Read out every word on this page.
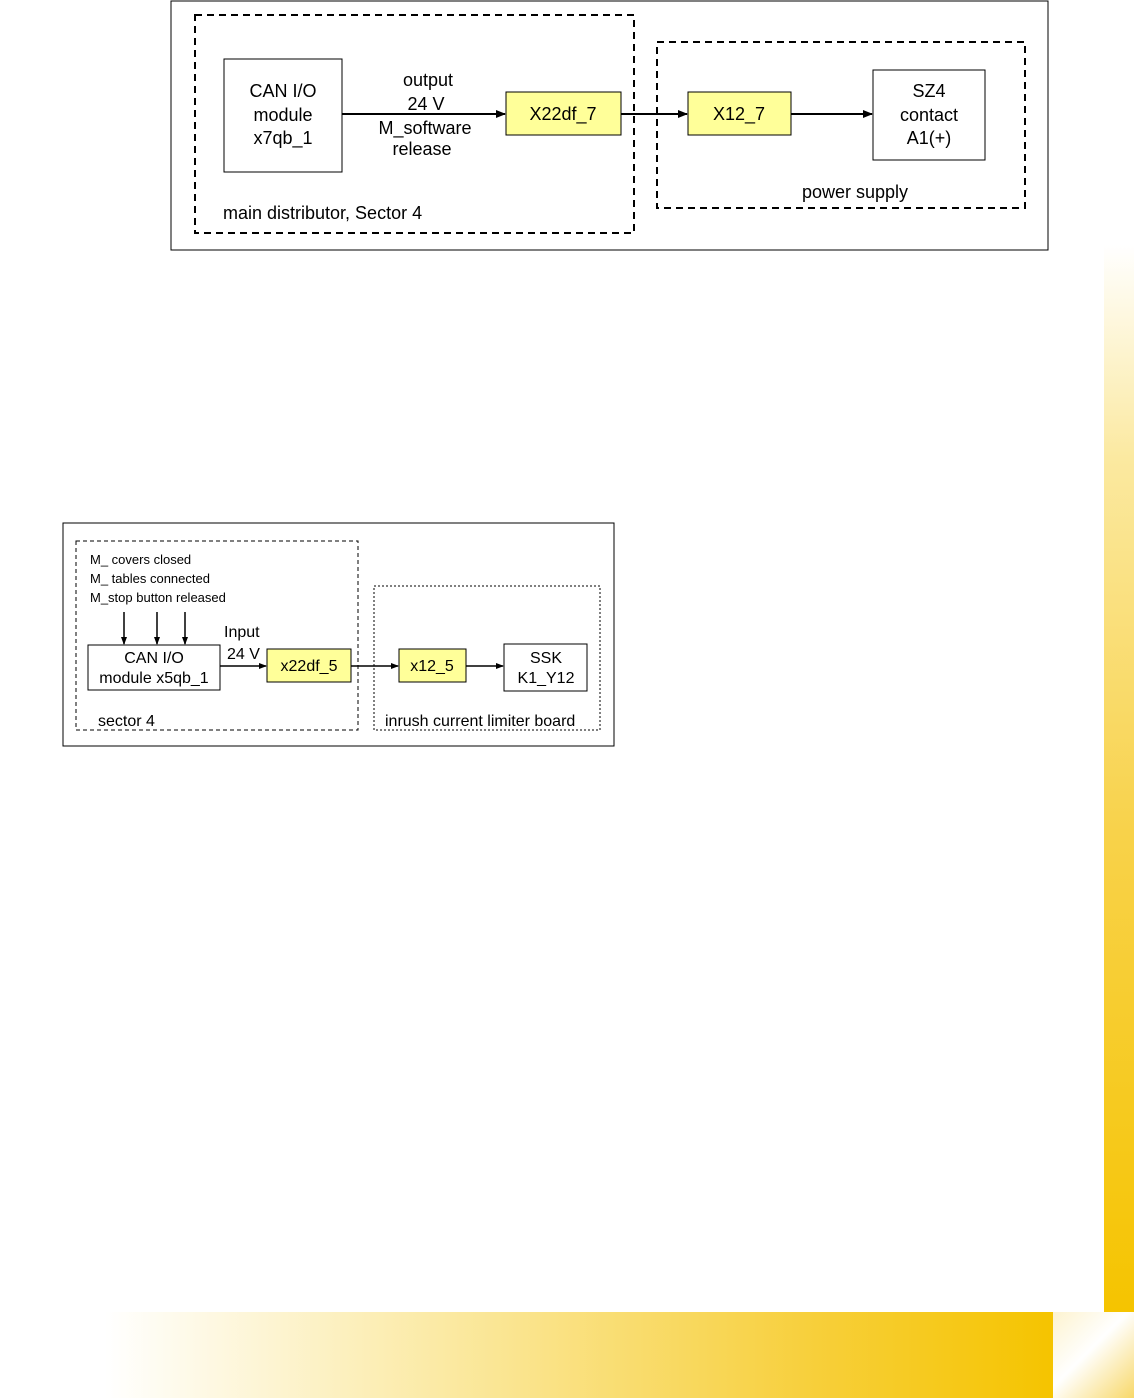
CAN I/O
module
x7qb_1
output
24 V
M_software
release
X22df_7	X12_7
SZ4
contact
A1(+)
power supply
main distributor, Sector 4
M_ covers closed
M_ tables connected
M_stop button released
CAN I/O
module x5qb_1
Input
24 V
x22df_5	x12_5	SSK
K1_Y12
sector 4	inrush current limiter board
